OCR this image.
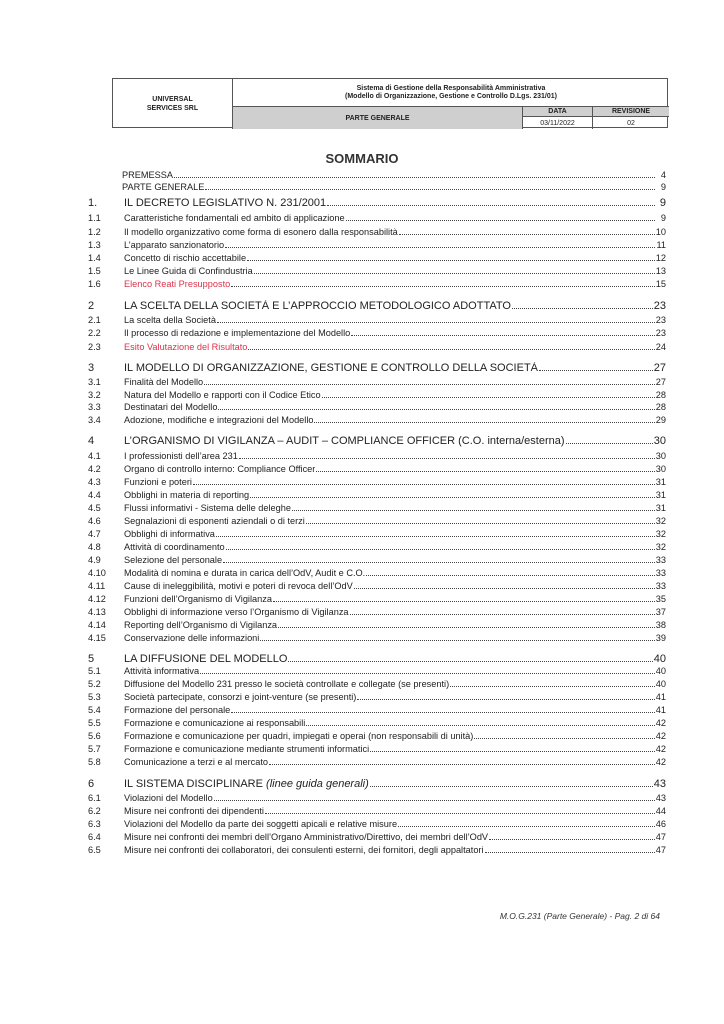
UNIVERSAL
SERVICES SRL
Sistema di Gestione della Responsabilità Amministrativa
(Modello di Organizzazione, Gestione e Controllo D.Lgs. 231/01)
PARTE GENERALE
DATA	REVISIONE
03/11/2022	02
SOMMARIO
PREMESSA	4
PARTE GENERALE	9
1.	IL DECRETO LEGISLATIVO N. 231/2001	9
1.1	Caratteristiche fondamentali ed ambito di applicazione	9
1.2	Il modello organizzativo come forma di esonero dalla responsabilità	10
1.3	L’apparato sanzionatorio	11
1.4	Concetto di rischio accettabile	12
1.5	Le Linee Guida di Confindustria	13
1.6	Elenco Reati Presupposto	15
2	LA SCELTA DELLA SOCIETÀ E L’APPROCCIO METODOLOGICO ADOTTATO	23
2.1	La scelta della Società	23
2.2	Il processo di redazione e implementazione del Modello	23
2.3	Esito Valutazione del Risultato	24
3	IL MODELLO DI ORGANIZZAZIONE, GESTIONE E CONTROLLO DELLA SOCIETÀ	27
3.1	Finalità del Modello	27
3.2	Natura del Modello e rapporti con il Codice Etico	28
3.3	Destinatari del Modello	28
3.4	Adozione, modifiche e integrazioni del Modello	29
4	L’ORGANISMO DI VIGILANZA – AUDIT – COMPLIANCE OFFICER (C.O. interna/esterna)	30
4.1	I professionisti dell’area 231	30
4.2	Organo di controllo interno: Compliance Officer	30
4.3	Funzioni e poteri	31
4.4	Obblighi in materia di reporting	31
4.5	Flussi informativi - Sistema delle deleghe	31
4.6	Segnalazioni di esponenti aziendali o di terzi	32
4.7	Obblighi di informativa	32
4.8	Attività di coordinamento	32
4.9	Selezione del personale	33
4.10	Modalità di nomina e durata in carica dell’OdV, Audit e C.O.	33
4.11	Cause di ineleggibilità, motivi e poteri di revoca dell’OdV	33
4.12	Funzioni dell’Organismo di Vigilanza	35
4.13	Obblighi di informazione verso l’Organismo di Vigilanza	37
4.14	Reporting dell’Organismo di Vigilanza	38
4.15	Conservazione delle informazioni	39
5	LA DIFFUSIONE DEL MODELLO	40
5.1	Attività informativa	40
5.2	Diffusione del Modello 231 presso le società controllate e collegate (se presenti)	40
5.3	Società partecipate, consorzi e joint-venture (se presenti)	41
5.4	Formazione del personale	41
5.5	Formazione e comunicazione ai responsabili	42
5.6	Formazione e comunicazione per quadri, impiegati e operai (non responsabili di unità)	42
5.7	Formazione e comunicazione mediante strumenti informatici	42
5.8	Comunicazione a terzi e al mercato	42
6	IL SISTEMA DISCIPLINARE (linee guida generali)	43
6.1	Violazioni del Modello	43
6.2	Misure nei confronti dei dipendenti	44
6.3	Violazioni del Modello da parte dei soggetti apicali e relative misure	46
6.4	Misure nei confronti dei membri dell’Organo Amministrativo/Direttivo, dei membri dell’OdV	47
6.5	Misure nei confronti dei collaboratori, dei consulenti esterni, dei fornitori, degli appaltatori	47
M.O.G.231 (Parte Generale) - Pag. 2 di 64
